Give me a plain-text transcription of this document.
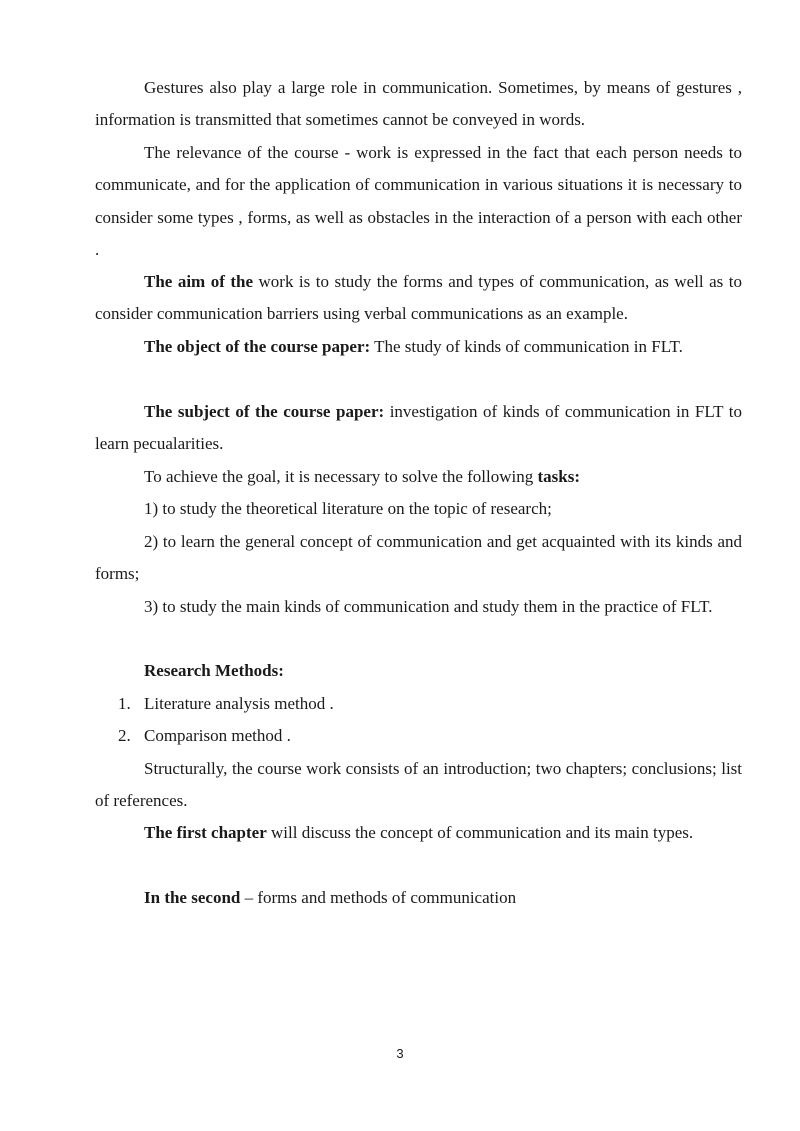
Gestures also play a large role in communication. Sometimes, by means of gestures , information is transmitted that sometimes cannot be conveyed in words.

The relevance of the course - work is expressed in the fact that each person needs to communicate, and for the application of communication in various situations it is necessary to consider some types , forms, as well as obstacles in the interaction of a person with each other .

The aim of the work is to study the forms and types of communication, as well as to consider communication barriers using verbal communications as an example.

The object of the course paper: The study of kinds of communication in FLT.

The subject of the course paper: investigation of kinds of communication in FLT to learn pecualarities.

To achieve the goal, it is necessary to solve the following tasks:

1) to study the theoretical literature on the topic of research;

2) to learn the general concept of communication and get acquainted with its kinds and forms;

3) to study the main kinds of communication and study them in the practice of FLT.

Research Methods:

1. Literature analysis method .
2. Comparison method .

Structurally, the course work consists of an introduction; two chapters; conclusions; list of references.

The first chapter will discuss the concept of communication and its main types.

In the second – forms and methods of communication

3
